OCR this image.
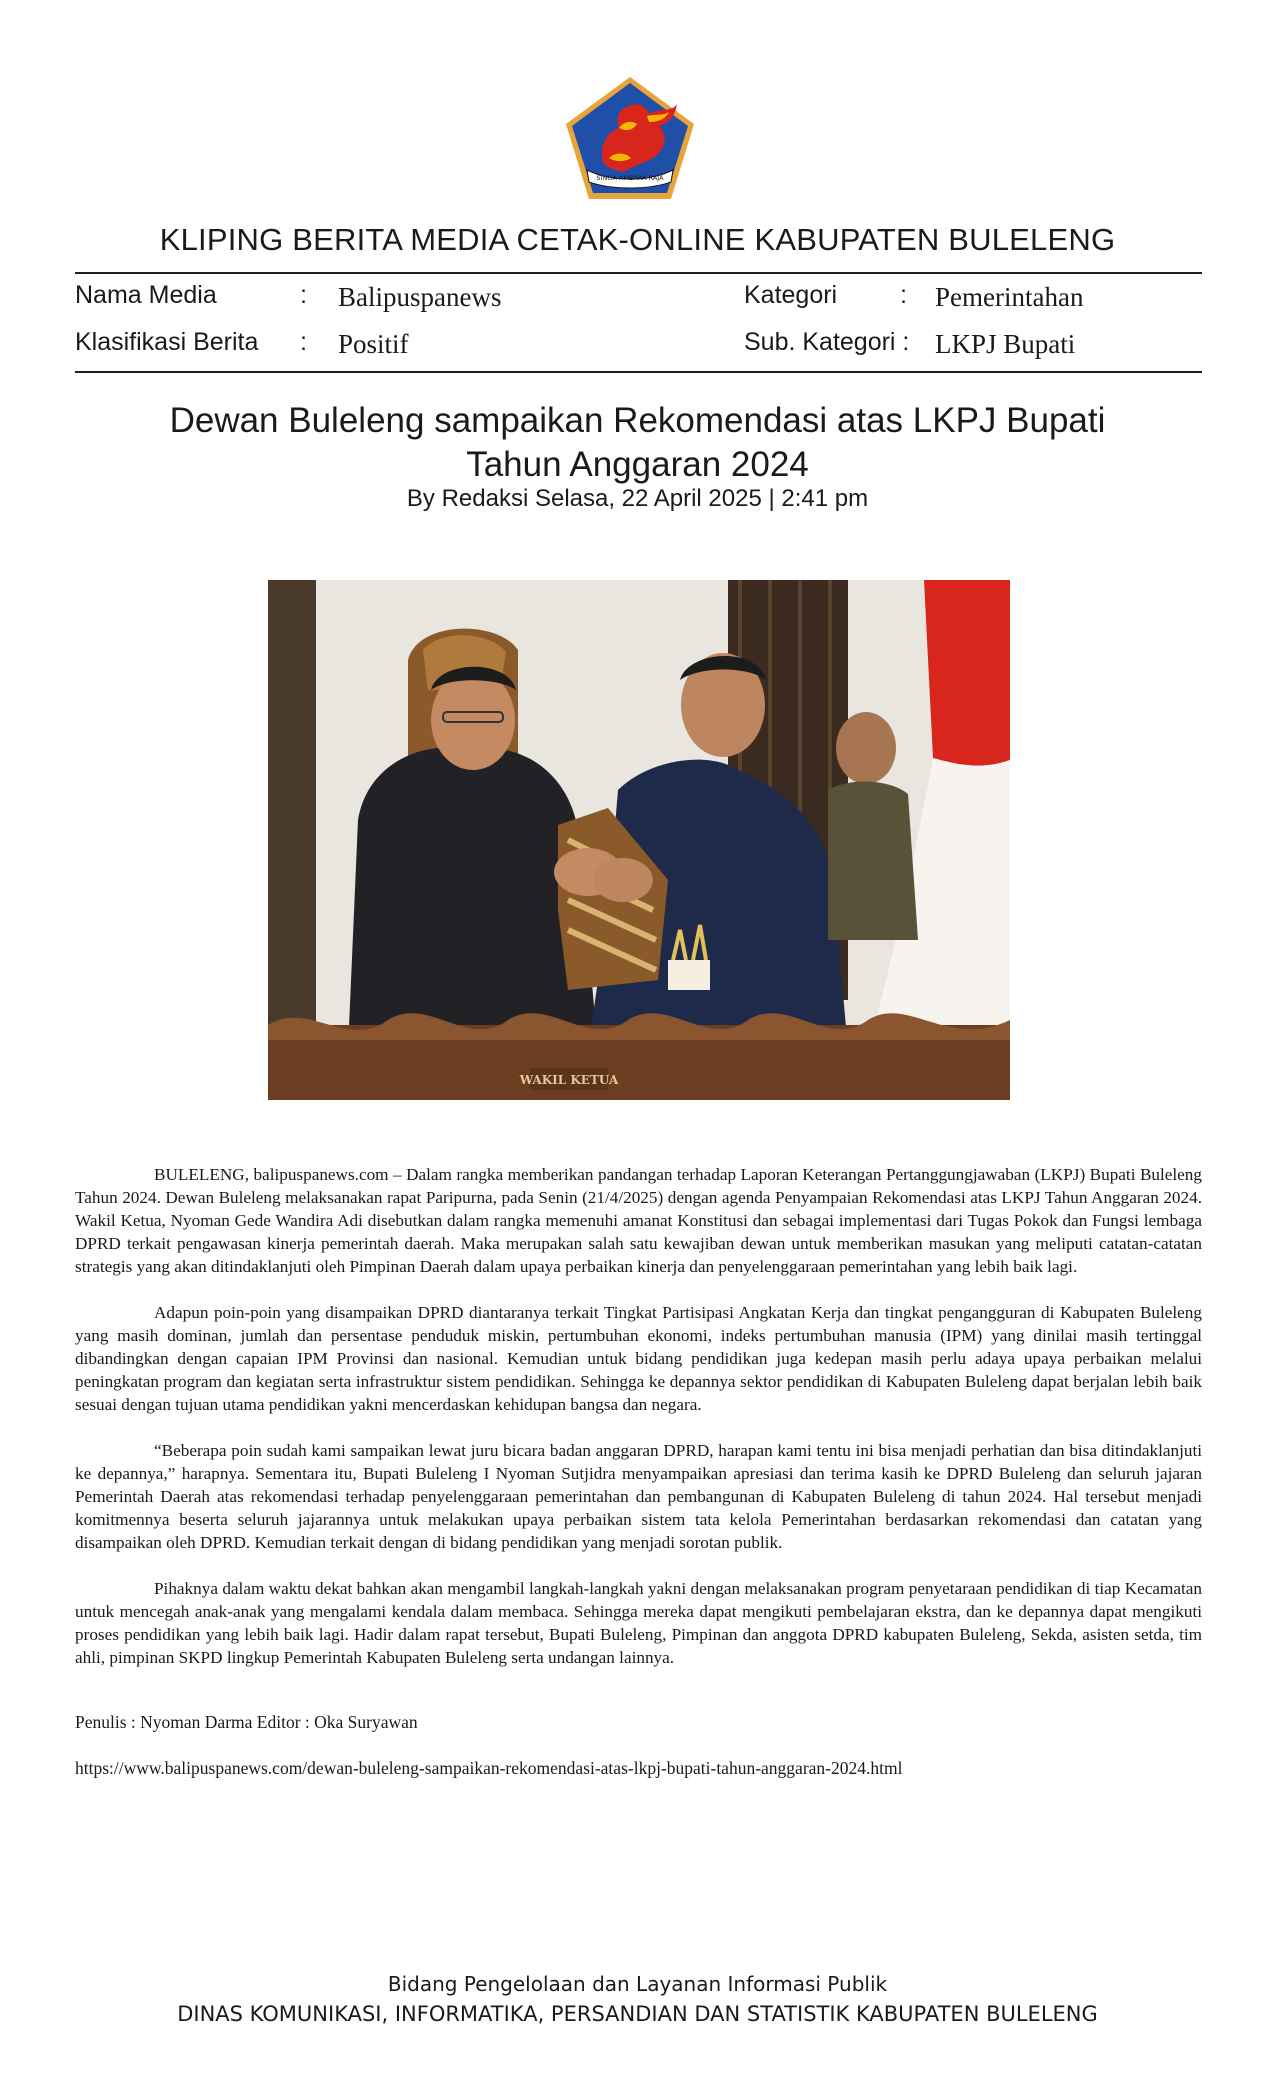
SINGA AMBARA RAJA
KLIPING BERITA MEDIA CETAK-ONLINE KABUPATEN BULELENG
Nama Media	: Balipuspanews	Kategori	: Pemerintahan
Klasifikasi Berita : Positif	Sub. Kategori : LKPJ Bupati
Dewan Buleleng sampaikan Rekomendasi atas LKPJ Bupati
Tahun Anggaran 2024
By Redaksi Selasa, 22 April 2025 | 2:41 pm
WAKIL KETUA

BULELENG, balipuspanews.com – Dalam rangka memberikan pandangan terhadap Laporan Keterangan Pertanggungjawaban (LKPJ) Bupati Buleleng Tahun 2024. Dewan Buleleng melaksanakan rapat Paripurna, pada Senin (21/4/2025) dengan agenda Penyampaian Rekomendasi atas LKPJ Tahun Anggaran 2024. Wakil Ketua, Nyoman Gede Wandira Adi disebutkan dalam rangka memenuhi amanat Konstitusi dan sebagai implementasi dari Tugas Pokok dan Fungsi lembaga DPRD terkait pengawasan kinerja pemerintah daerah. Maka merupakan salah satu kewajiban dewan untuk memberikan masukan yang meliputi catatan-catatan strategis yang akan ditindaklanjuti oleh Pimpinan Daerah dalam upaya perbaikan kinerja dan penyelenggaraan pemerintahan yang lebih baik lagi.

Adapun poin-poin yang disampaikan DPRD diantaranya terkait Tingkat Partisipasi Angkatan Kerja dan tingkat pengangguran di Kabupaten Buleleng yang masih dominan, jumlah dan persentase penduduk miskin, pertumbuhan ekonomi, indeks pertumbuhan manusia (IPM) yang dinilai masih tertinggal dibandingkan dengan capaian IPM Provinsi dan nasional. Kemudian untuk bidang pendidikan juga kedepan masih perlu adaya upaya perbaikan melalui peningkatan program dan kegiatan serta infrastruktur sistem pendidikan. Sehingga ke depannya sektor pendidikan di Kabupaten Buleleng dapat berjalan lebih baik sesuai dengan tujuan utama pendidikan yakni mencerdaskan kehidupan bangsa dan negara.

“Beberapa poin sudah kami sampaikan lewat juru bicara badan anggaran DPRD, harapan kami tentu ini bisa menjadi perhatian dan bisa ditindaklanjuti ke depannya,” harapnya. Sementara itu, Bupati Buleleng I Nyoman Sutjidra menyampaikan apresiasi dan terima kasih ke DPRD Buleleng dan seluruh jajaran Pemerintah Daerah atas rekomendasi terhadap penyelenggaraan pemerintahan dan pembangunan di Kabupaten Buleleng di tahun 2024. Hal tersebut menjadi komitmennya beserta seluruh jajarannya untuk melakukan upaya perbaikan sistem tata kelola Pemerintahan berdasarkan rekomendasi dan catatan yang disampaikan oleh DPRD. Kemudian terkait dengan di bidang pendidikan yang menjadi sorotan publik.

Pihaknya dalam waktu dekat bahkan akan mengambil langkah-langkah yakni dengan melaksanakan program penyetaraan pendidikan di tiap Kecamatan untuk mencegah anak-anak yang mengalami kendala dalam membaca. Sehingga mereka dapat mengikuti pembelajaran ekstra, dan ke depannya dapat mengikuti proses pendidikan yang lebih baik lagi. Hadir dalam rapat tersebut, Bupati Buleleng, Pimpinan dan anggota DPRD kabupaten Buleleng, Sekda, asisten setda, tim ahli, pimpinan SKPD lingkup Pemerintah Kabupaten Buleleng serta undangan lainnya.

Penulis : Nyoman Darma Editor : Oka Suryawan
https://www.balipuspanews.com/dewan-buleleng-sampaikan-rekomendasi-atas-lkpj-bupati-tahun-anggaran-2024.html
Bidang Pengelolaan dan Layanan Informasi Publik
DINAS KOMUNIKASI, INFORMATIKA, PERSANDIAN DAN STATISTIK KABUPATEN BULELENG
